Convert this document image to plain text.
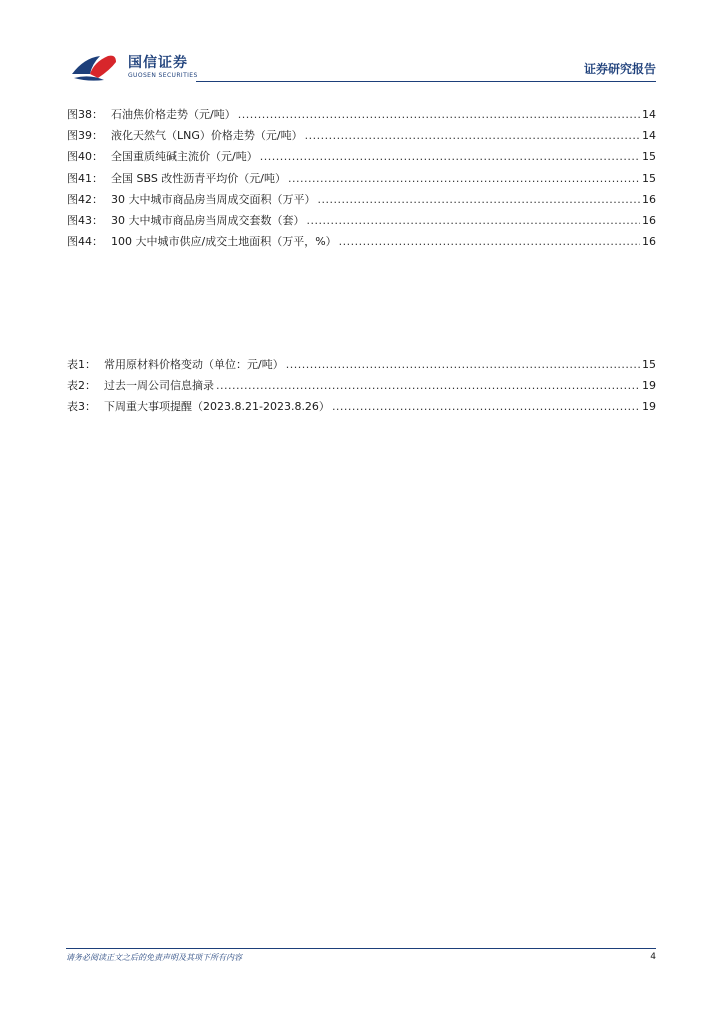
国信证券
GUOSEN SECURITIES	证券研究报告
图38： 石油焦价格走势（元/吨） .....	14
图39： 液化天然气（LNG）价格走势（元/吨） .....	14
图40： 全国重质纯碱主流价（元/吨） .....	15
图41： 全国 SBS 改性沥青平均价（元/吨） .....	15
图42： 30 大中城市商品房当周成交面积（万平） .....	16
图43： 30 大中城市商品房当周成交套数（套） .....	16
图44： 100 大中城市供应/成交土地面积（万平，%） .....	16
表1： 常用原材料价格变动（单位：元/吨） .....	15
表2： 过去一周公司信息摘录 .....	19
表3： 下周重大事项提醒（2023.8.21-2023.8.26） .....	19
请务必阅读正文之后的免责声明及其项下所有内容	4
